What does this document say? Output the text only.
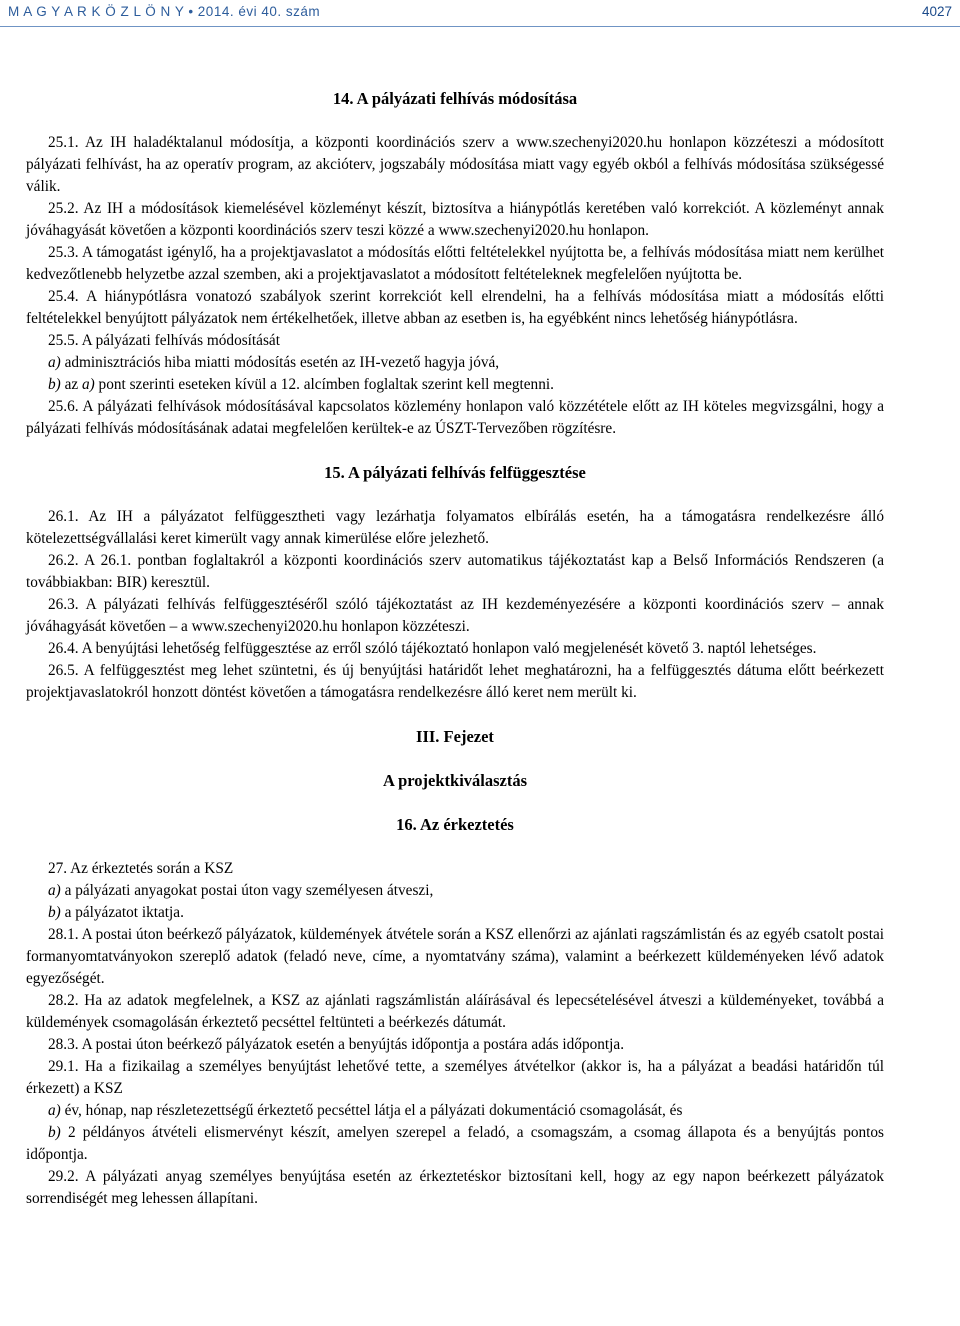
M A G Y A R K Ö Z L Ö N Y • 2014. évi 40. szám	4027
14. A pályázati felhívás módosítása

25.1. Az IH haladéktalanul módosítja, a központi koordinációs szerv a www.szechenyi2020.hu honlapon közzéteszi a módosított pályázati felhívást, ha az operatív program, az akcióterv, jogszabály módosítása miatt vagy egyéb okból a felhívás módosítása szükségessé válik.

25.2. Az IH a módosítások kiemelésével közleményt készít, biztosítva a hiánypótlás keretében való korrekciót. A közleményt annak jóváhagyását követően a központi koordinációs szerv teszi közzé a www.szechenyi2020.hu honlapon.

25.3. A támogatást igénylő, ha a projektjavaslatot a módosítás előtti feltételekkel nyújtotta be, a felhívás módosítása miatt nem kerülhet kedvezőtlenebb helyzetbe azzal szemben, aki a projektjavaslatot a módosított feltételeknek megfelelően nyújtotta be.

25.4. A hiánypótlásra vonatozó szabályok szerint korrekciót kell elrendelni, ha a felhívás módosítása miatt a módosítás előtti feltételekkel benyújtott pályázatok nem értékelhetőek, illetve abban az esetben is, ha egyébként nincs lehetőség hiánypótlásra.

25.5. A pályázati felhívás módosítását

a) adminisztrációs hiba miatti módosítás esetén az IH-vezető hagyja jóvá,

b) az a) pont szerinti eseteken kívül a 12. alcímben foglaltak szerint kell megtenni.

25.6. A pályázati felhívások módosításával kapcsolatos közlemény honlapon való közzététele előtt az IH köteles megvizsgálni, hogy a pályázati felhívás módosításának adatai megfelelően kerültek-e az ÚSZT-Tervezőben rögzítésre.

15. A pályázati felhívás felfüggesztése

26.1. Az IH a pályázatot felfüggesztheti vagy lezárhatja folyamatos elbírálás esetén, ha a támogatásra rendelkezésre álló kötelezettségvállalási keret kimerült vagy annak kimerülése előre jelezhető.

26.2. A 26.1. pontban foglaltakról a központi koordinációs szerv automatikus tájékoztatást kap a Belső Információs Rendszeren (a továbbiakban: BIR) keresztül.

26.3. A pályázati felhívás felfüggesztéséről szóló tájékoztatást az IH kezdeményezésére a központi koordinációs szerv – annak jóváhagyását követően – a www.szechenyi2020.hu honlapon közzéteszi.

26.4. A benyújtási lehetőség felfüggesztése az erről szóló tájékoztató honlapon való megjelenését követő 3. naptól lehetséges.

26.5. A felfüggesztést meg lehet szüntetni, és új benyújtási határidőt lehet meghatározni, ha a felfüggesztés dátuma előtt beérkezett projektjavaslatokról honzott döntést követően a támogatásra rendelkezésre álló keret nem merült ki.

III. Fejezet
A projektkiválasztás
16. Az érkeztetés

27. Az érkeztetés során a KSZ

a) a pályázati anyagokat postai úton vagy személyesen átveszi,

b) a pályázatot iktatja.

28.1. A postai úton beérkező pályázatok, küldemények átvétele során a KSZ ellenőrzi az ajánlati ragszámlistán és az egyéb csatolt postai formanyomtatványokon szereplő adatok (feladó neve, címe, a nyomtatvány száma), valamint a beérkezett küldeményeken lévő adatok egyezőségét.

28.2. Ha az adatok megfelelnek, a KSZ az ajánlati ragszámlistán aláírásával és lepecsételésével átveszi a küldeményeket, továbbá a küldemények csomagolásán érkeztető pecséttel feltünteti a beérkezés dátumát.

28.3. A postai úton beérkező pályázatok esetén a benyújtás időpontja a postára adás időpontja.

29.1. Ha a fizikailag a személyes benyújtást lehetővé tette, a személyes átvételkor (akkor is, ha a pályázat a beadási határidőn túl érkezett) a KSZ

a) év, hónap, nap részletezettségű érkeztető pecséttel látja el a pályázati dokumentáció csomagolását, és

b) 2 példányos átvételi elismervényt készít, amelyen szerepel a feladó, a csomagszám, a csomag állapota és a benyújtás pontos időpontja.

29.2. A pályázati anyag személyes benyújtása esetén az érkeztetéskor biztosítani kell, hogy az egy napon beérkezett pályázatok sorrendiségét meg lehessen állapítani.
